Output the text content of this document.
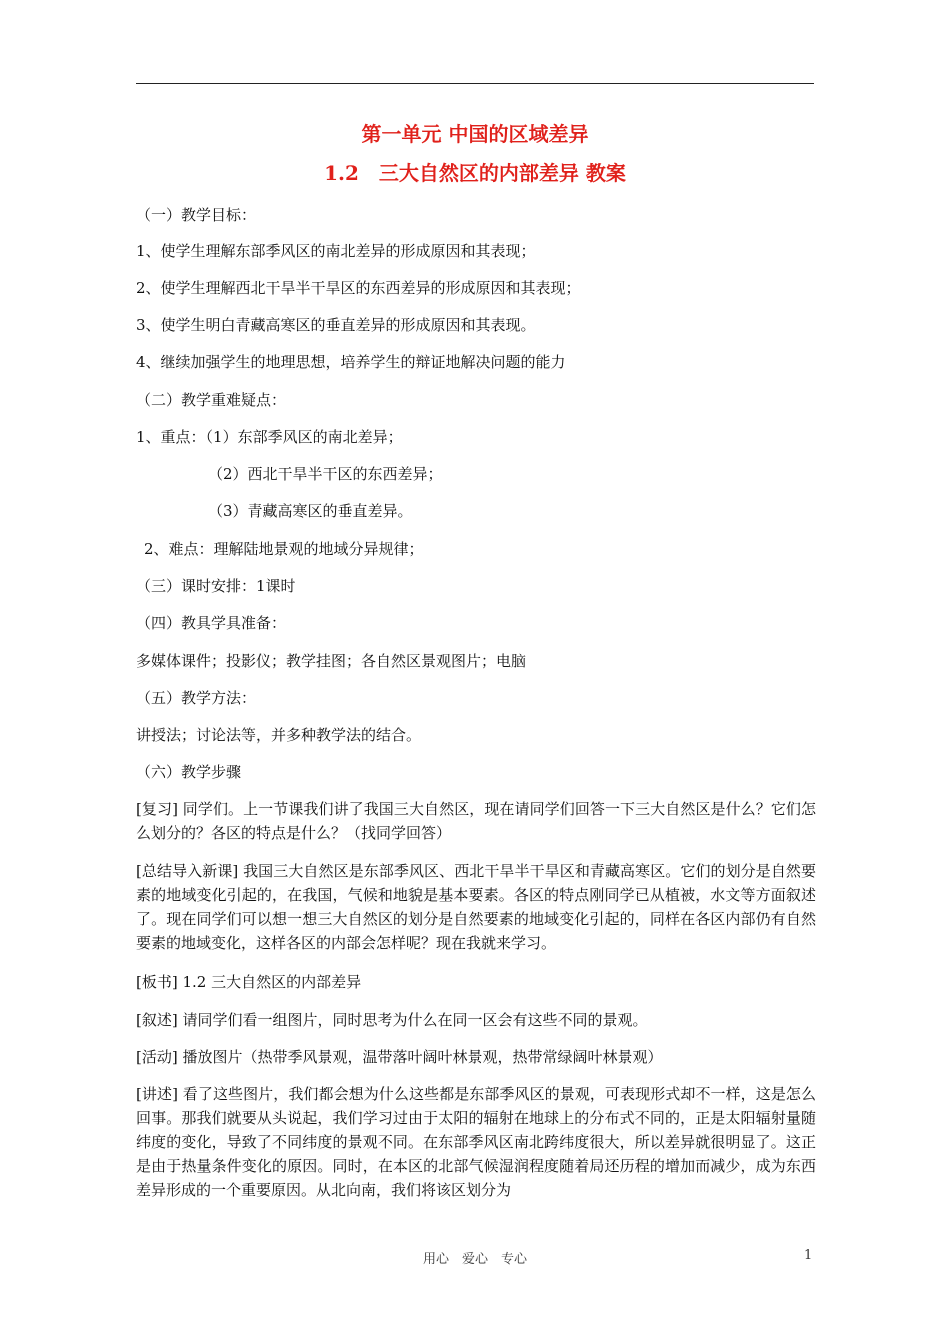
第一单元 中国的区域差异
1.2　三大自然区的内部差异 教案
（一）教学目标：
1、使学生理解东部季风区的南北差异的形成原因和其表现；
2、使学生理解西北干旱半干旱区的东西差异的形成原因和其表现；
3、使学生明白青藏高寒区的垂直差异的形成原因和其表现。
4、继续加强学生的地理思想，培养学生的辩证地解决问题的能力
（二）教学重难疑点：
1、重点：（1）东部季风区的南北差异；
（2）西北干旱半干区的东西差异；
（3）青藏高寒区的垂直差异。
2、难点：理解陆地景观的地域分异规律；
（三）课时安排：1课时
（四）教具学具准备：
多媒体课件；投影仪；教学挂图；各自然区景观图片；电脑
（五）教学方法：
讲授法；讨论法等，并多种教学法的结合。
（六）教学步骤
[复习] 同学们。上一节课我们讲了我国三大自然区，现在请同学们回答一下三大自然区是什么？它们怎么划分的？各区的特点是什么？（找同学回答）
[总结导入新课] 我国三大自然区是东部季风区、西北干旱半干旱区和青藏高寒区。它们的划分是自然要素的地域变化引起的，在我国，气候和地貌是基本要素。各区的特点刚同学已从植被，水文等方面叙述了。现在同学们可以想一想三大自然区的划分是自然要素的地域变化引起的，同样在各区内部仍有自然要素的地域变化，这样各区的内部会怎样呢？现在我就来学习。
[板书] 1.2 三大自然区的内部差异
[叙述] 请同学们看一组图片，同时思考为什么在同一区会有这些不同的景观。
[活动] 播放图片（热带季风景观，温带落叶阔叶林景观，热带常绿阔叶林景观）
[讲述] 看了这些图片，我们都会想为什么这些都是东部季风区的景观，可表现形式却不一样，这是怎么回事。那我们就要从头说起，我们学习过由于太阳的辐射在地球上的分布式不同的，正是太阳辐射量随纬度的变化，导致了不同纬度的景观不同。在东部季风区南北跨纬度很大，所以差异就很明显了。这正是由于热量条件变化的原因。同时，在本区的北部气候湿润程度随着局还历程的增加而减少，成为东西差异形成的一个重要原因。从北向南，我们将该区划分为
用心　爱心　专心	1
